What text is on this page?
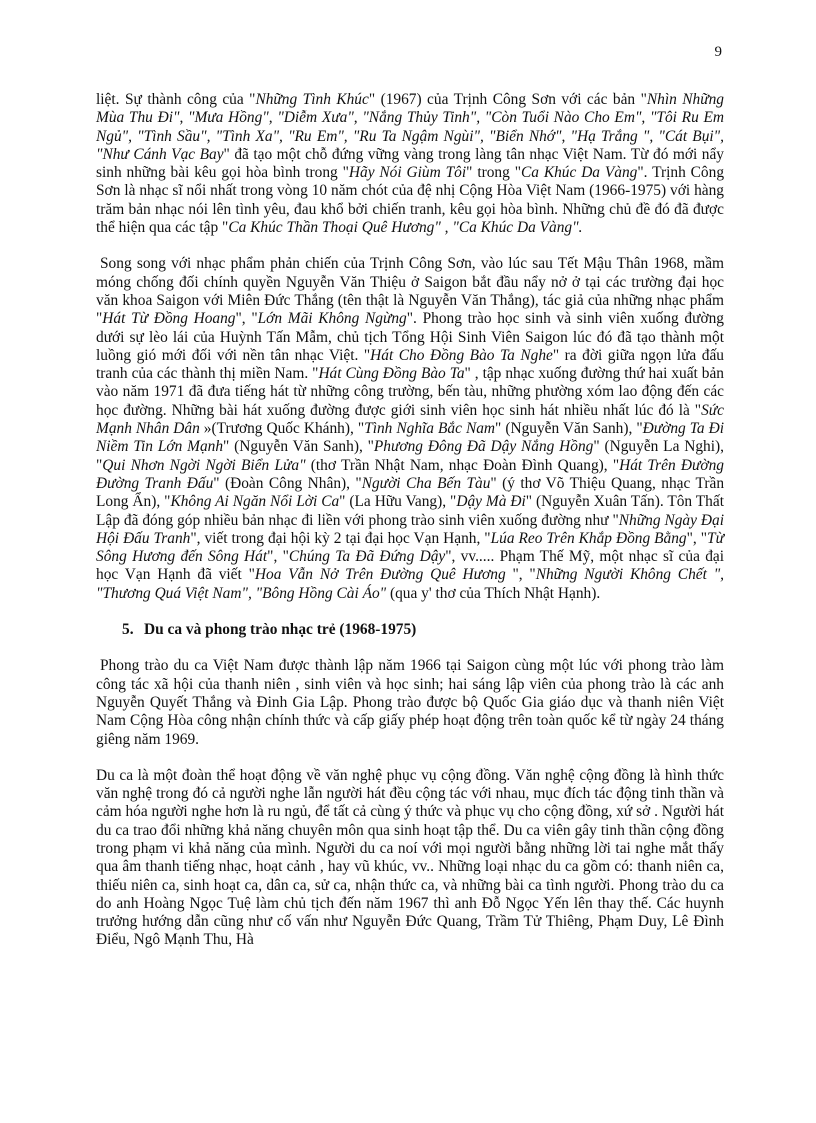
9

liệt. Sự thành công của "Những Tình Khúc" (1967) của Trịnh Công Sơn với các bản "Nhìn Những Mùa Thu Đi", "Mưa Hồng", "Diễm Xưa", "Nắng Thủy Tinh", "Còn Tuổi Nào Cho Em", "Tôi Ru Em Ngủ", "Tình Sầu", "Tình Xa", "Ru Em", "Ru Ta Ngậm Ngùi", "Biển Nhớ", "Hạ Trắng ", "Cát Bụi", "Như Cánh Vạc Bay" đã tạo một chỗ đứng vững vàng trong làng tân nhạc Việt Nam. Từ đó mới nẩy sinh những bài kêu gọi hòa bình trong "Hãy Nói Giùm Tôi" trong "Ca Khúc Da Vàng". Trịnh Công Sơn là nhạc sĩ nổi nhất trong vòng 10 năm chót của đệ nhị Cộng Hòa Việt Nam (1966-1975) với hàng trăm bản nhạc nói lên tình yêu, đau khổ bởi chiến tranh, kêu gọi hòa bình. Những chủ đề đó đã được thể hiện qua các tập "Ca Khúc Thần Thoại Quê Hương" , "Ca Khúc Da Vàng".

Song song với nhạc phẩm phản chiến của Trịnh Công Sơn, vào lúc sau Tết Mậu Thân 1968, mầm móng chống đối chính quyền Nguyễn Văn Thiệu ở Saigon bắt đầu nẩy nở ở tại các trường đại học văn khoa Saigon với Miên Đức Thắng (tên thật là Nguyễn Văn Thắng), tác giả của những nhạc phẩm "Hát Từ Đồng Hoang", "Lớn Mãi Không Ngừng". Phong trào học sinh và sinh viên xuống đường dưới sự lèo lái của Huỳnh Tấn Mẫm, chủ tịch Tổng Hội Sinh Viên Saigon lúc đó đã tạo thành một luồng gió mới đối với nền tân nhạc Việt. "Hát Cho Đồng Bào Ta Nghe" ra đời giữa ngọn lửa đấu tranh của các thành thị miền Nam. "Hát Cùng Đồng Bào Ta" , tập nhạc xuống đường thứ hai xuất bản vào năm 1971 đã đưa tiếng hát từ những công trường, bến tàu, những phường xóm lao động đến các học đường. Những bài hát xuống đường được giới sinh viên học sinh hát nhiều nhất lúc đó là "Sức Mạnh Nhân Dân »(Trương Quốc Khánh), "Tình Nghĩa Bắc Nam" (Nguyễn Văn Sanh), "Đường Ta Đi Niềm Tin Lớn Mạnh" (Nguyễn Văn Sanh), "Phương Đông Đã Dậy Nắng Hồng" (Nguyễn La Nghi), "Qui Nhơn Ngời Ngời Biển Lửa" (thơ Trần Nhật Nam, nhạc Đoàn Đình Quang), "Hát Trên Đường Đường Tranh Đấu" (Đoàn Công Nhân), "Người Cha Bến Tàu" (ý thơ Võ Thiệu Quang, nhạc Trần Long Ẩn), "Không Ai Ngăn Nổi Lời Ca" (La Hữu Vang), "Dậy Mà Đi" (Nguyễn Xuân Tấn). Tôn Thất Lập đã đóng góp nhiều bản nhạc đi liền với phong trào sinh viên xuống đường như "Những Ngày Đại Hội Đấu Tranh", viết trong đại hội kỳ 2 tại đại học Vạn Hạnh, "Lúa Reo Trên Khắp Đồng Bằng", "Từ Sông Hương đến Sông Hát", "Chúng Ta Đã Đứng Dậy", vv..... Phạm Thế Mỹ, một nhạc sĩ của đại học Vạn Hạnh đã viết "Hoa Vẫn Nở Trên Đường Quê Hương ", "Những Người Không Chết ", "Thương Quá Việt Nam", "Bông Hồng Cài Áo" (qua y' thơ của Thích Nhật Hạnh).

5. Du ca và phong trào nhạc trẻ (1968-1975)

Phong trào du ca Việt Nam được thành lập năm 1966 tại Saigon cùng một lúc với phong trào làm công tác xã hội của thanh niên , sinh viên và học sinh; hai sáng lập viên của phong trào là các anh Nguyễn Quyết Thắng và Đinh Gia Lập. Phong trào được bộ Quốc Gia giáo dục và thanh niên Việt Nam Cộng Hòa công nhận chính thức và cấp giấy phép hoạt động trên toàn quốc kể từ ngày 24 tháng giêng năm 1969.

Du ca là một đoàn thể hoạt động về văn nghệ phục vụ cộng đồng. Văn nghệ cộng đồng là hình thức văn nghệ trong đó cả người nghe lẫn người hát đều cộng tác với nhau, mục đích tác động tinh thần và cảm hóa người nghe hơn là ru ngủ, để tất cả cùng ý thức và phục vụ cho cộng đồng, xứ sở . Người hát du ca trao đổi những khả năng chuyên môn qua sinh hoạt tập thể. Du ca viên gây tinh thần cộng đồng trong phạm vi khả năng của mình. Người du ca noí với mọi người bằng những lời tai nghe mắt thấy qua âm thanh tiếng nhạc, hoạt cảnh , hay vũ khúc, vv.. Những loại nhạc du ca gồm có: thanh niên ca, thiếu niên ca, sinh hoạt ca, dân ca, sử ca, nhận thức ca, và những bài ca tình người. Phong trào du ca do anh Hoàng Ngọc Tuệ làm chủ tịch đến năm 1967 thì anh Đỗ Ngọc Yến lên thay thế. Các huynh trưởng hướng dẫn cũng như cố vấn như Nguyễn Đức Quang, Trầm Tử Thiêng, Phạm Duy, Lê Đình Điểu, Ngô Mạnh Thu, Hà
